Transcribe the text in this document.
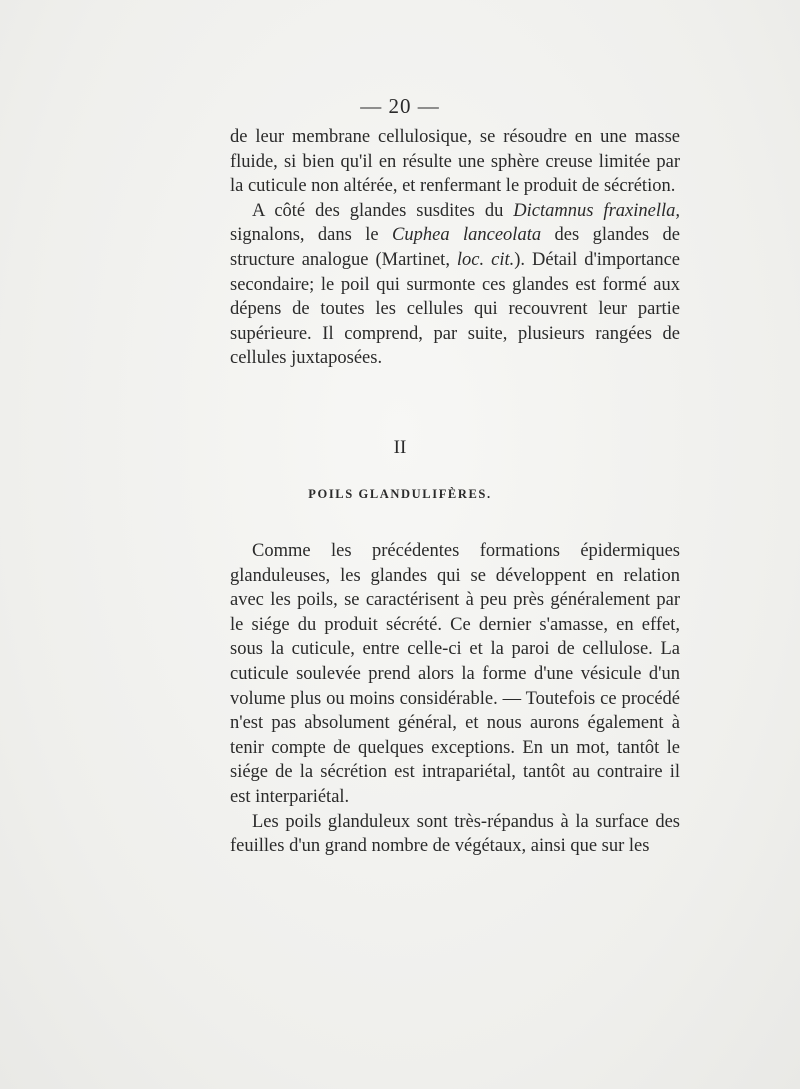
— 20 —

de leur membrane cellulosique, se résoudre en une masse fluide, si bien qu'il en résulte une sphère creuse limitée par la cuticule non altérée, et renfermant le produit de sécrétion.

A côté des glandes susdites du Dictamnus fraxinella, signalons, dans le Cuphea lanceolata des glandes de structure analogue (Martinet, loc. cit.). Détail d'importance secondaire; le poil qui surmonte ces glandes est formé aux dépens de toutes les cellules qui recouvrent leur partie supérieure. Il comprend, par suite, plusieurs rangées de cellules juxtaposées.

II

POILS GLANDULIFÈRES.

Comme les précédentes formations épidermiques glanduleuses, les glandes qui se développent en relation avec les poils, se caractérisent à peu près généralement par le siége du produit sécrété. Ce dernier s'amasse, en effet, sous la cuticule, entre celle-ci et la paroi de cellulose. La cuticule soulevée prend alors la forme d'une vésicule d'un volume plus ou moins considérable. — Toutefois ce procédé n'est pas absolument général, et nous aurons également à tenir compte de quelques exceptions. En un mot, tantôt le siége de la sécrétion est intrapariétal, tantôt au contraire il est interpariétal.

Les poils glanduleux sont très-répandus à la surface des feuilles d'un grand nombre de végétaux, ainsi que sur les
